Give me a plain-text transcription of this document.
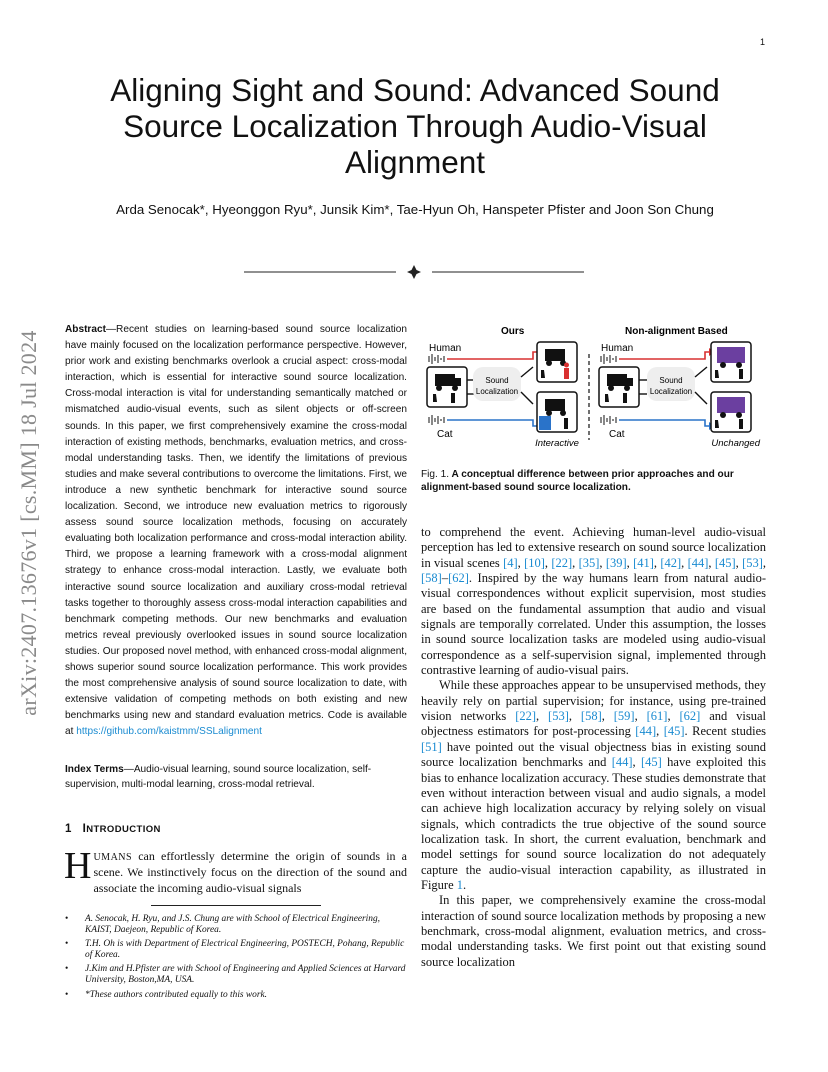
1
arXiv:2407.13676v1 [cs.MM] 18 Jul 2024
Aligning Sight and Sound: Advanced Sound Source Localization Through Audio-Visual Alignment
Arda Senocak*, Hyeonggon Ryu*, Junsik Kim*, Tae-Hyun Oh, Hanspeter Pfister and Joon Son Chung
Abstract—Recent studies on learning-based sound source localization have mainly focused on the localization performance perspective. However, prior work and existing benchmarks overlook a crucial aspect: cross-modal interaction, which is essential for interactive sound source localization. Cross-modal interaction is vital for understanding semantically matched or mismatched audio-visual events, such as silent objects or off-screen sounds. In this paper, we first comprehensively examine the cross-modal interaction of existing methods, benchmarks, evaluation metrics, and cross-modal understanding tasks. Then, we identify the limitations of previous studies and make several contributions to overcome the limitations. First, we introduce a new synthetic benchmark for interactive sound source localization. Second, we introduce new evaluation metrics to rigorously assess sound source localization methods, focusing on accurately evaluating both localization performance and cross-modal interaction ability. Third, we propose a learning framework with a cross-modal alignment strategy to enhance cross-modal interaction. Lastly, we evaluate both interactive sound source localization and auxiliary cross-modal retrieval tasks together to thoroughly assess cross-modal interaction capabilities and benchmark competing methods. Our new benchmarks and evaluation metrics reveal previously overlooked issues in sound source localization studies. Our proposed novel method, with enhanced cross-modal alignment, shows superior sound source localization performance. This work provides the most comprehensive analysis of sound source localization to date, with extensive validation of competing methods on both existing and new benchmarks using new and standard evaluation metrics. Code is available at https://github.com/kaistmm/SSLalignment
Index Terms—Audio-visual learning, sound source localization, self-supervision, multi-modal learning, cross-modal retrieval.
1 INTRODUCTION
HUMANS can effortlessly determine the origin of sounds in a scene. We instinctively focus on the direction of the sound and associate the incoming audio-visual signals
• A. Senocak, H. Ryu, and J.S. Chung are with School of Electrical Engineering, KAIST, Daejeon, Republic of Korea.
• T.H. Oh is with Department of Electrical Engineering, POSTECH, Pohang, Republic of Korea.
• J.Kim and H.Pfister are with School of Engineering and Applied Sciences at Harvard University, Boston,MA, USA.
• *These authors contributed equally to this work.
Ours
Human
Cat
Sound
Localization
Interactive
Non-alignment Based
Human
Cat
Sound
Localization
Unchanged
Fig. 1. A conceptual difference between prior approaches and our alignment-based sound source localization.

to comprehend the event. Achieving human-level audio-visual perception has led to extensive research on sound source localization in visual scenes [4], [10], [22], [35], [39], [41], [42], [44], [45], [53], [58]–[62]. Inspired by the way humans learn from natural audio-visual correspondences without explicit supervision, most studies are based on the fundamental assumption that audio and visual signals are temporally correlated. Under this assumption, the losses in sound source localization tasks are modeled using audio-visual correspondence as a self-supervision signal, implemented through contrastive learning of audio-visual pairs.

While these approaches appear to be unsupervised methods, they heavily rely on partial supervision; for instance, using pre-trained vision networks [22], [53], [58], [59], [61], [62] and visual objectness estimators for post-processing [44], [45]. Recent studies [51] have pointed out the visual objectness bias in existing sound source localization benchmarks and [44], [45] have exploited this bias to enhance localization accuracy. These studies demonstrate that even without interaction between visual and audio signals, a model can achieve high localization accuracy by relying solely on visual signals, which contradicts the true objective of the sound source localization task. In short, the current evaluation, benchmark and model settings for sound source localization do not adequately capture the audio-visual interaction capability, as illustrated in Figure 1.

In this paper, we comprehensively examine the cross-modal interaction of sound source localization methods by proposing a new benchmark, cross-modal alignment, evaluation metrics, and cross-modal understanding tasks. We first point out that existing sound source localization
